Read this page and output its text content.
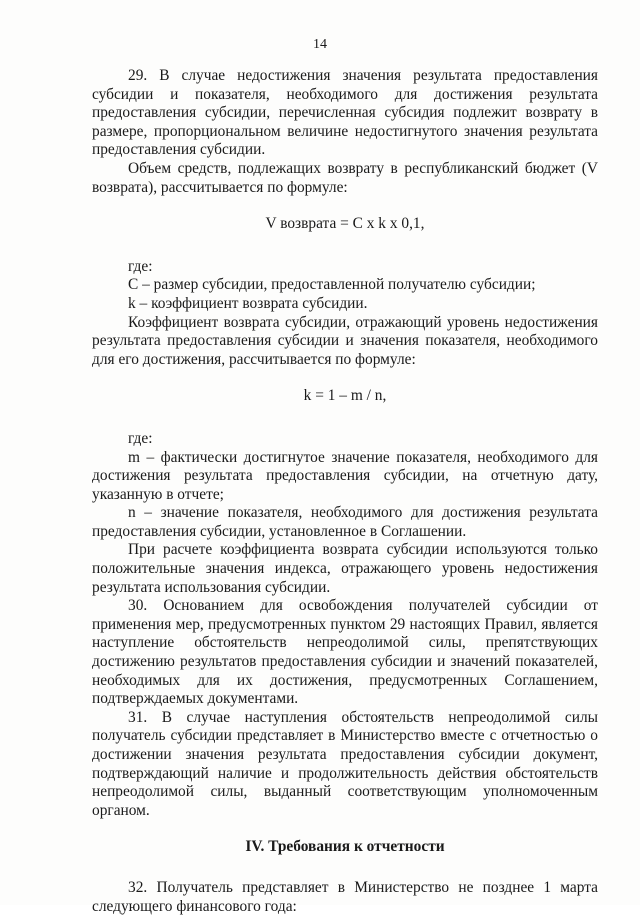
14

29. В случае недостижения значения результата предоставления субсидии и показателя, необходимого для достижения результата предоставления субсидии, перечисленная субсидия подлежит возврату в размере, пропорциональном величине недостигнутого значения результата предоставления субсидии.

Объем средств, подлежащих возврату в республиканский бюджет (V возврата), рассчитывается по формуле:

V возврата = C x k x 0,1,

где:

C – размер субсидии, предоставленной получателю субсидии;

k – коэффициент возврата субсидии.

Коэффициент возврата субсидии, отражающий уровень недостижения результата предоставления субсидии и значения показателя, необходимого для его достижения, рассчитывается по формуле:

k = 1 – m / n,

где:

m – фактически достигнутое значение показателя, необходимого для достижения результата предоставления субсидии, на отчетную дату, указанную в отчете;

n – значение показателя, необходимого для достижения результата предоставления субсидии, установленное в Соглашении.

При расчете коэффициента возврата субсидии используются только положительные значения индекса, отражающего уровень недостижения результата использования субсидии.

30. Основанием для освобождения получателей субсидии от применения мер, предусмотренных пунктом 29 настоящих Правил, является наступление обстоятельств непреодолимой силы, препятствующих достижению результатов предоставления субсидии и значений показателей, необходимых для их достижения, предусмотренных Соглашением, подтверждаемых документами.

31. В случае наступления обстоятельств непреодолимой силы получатель субсидии представляет в Министерство вместе с отчетностью о достижении значения результата предоставления субсидии документ, подтверждающий наличие и продолжительность действия обстоятельств непреодолимой силы, выданный соответствующим уполномоченным органом.

IV. Требования к отчетности

32. Получатель представляет в Министерство не позднее 1 марта следующего финансового года:
